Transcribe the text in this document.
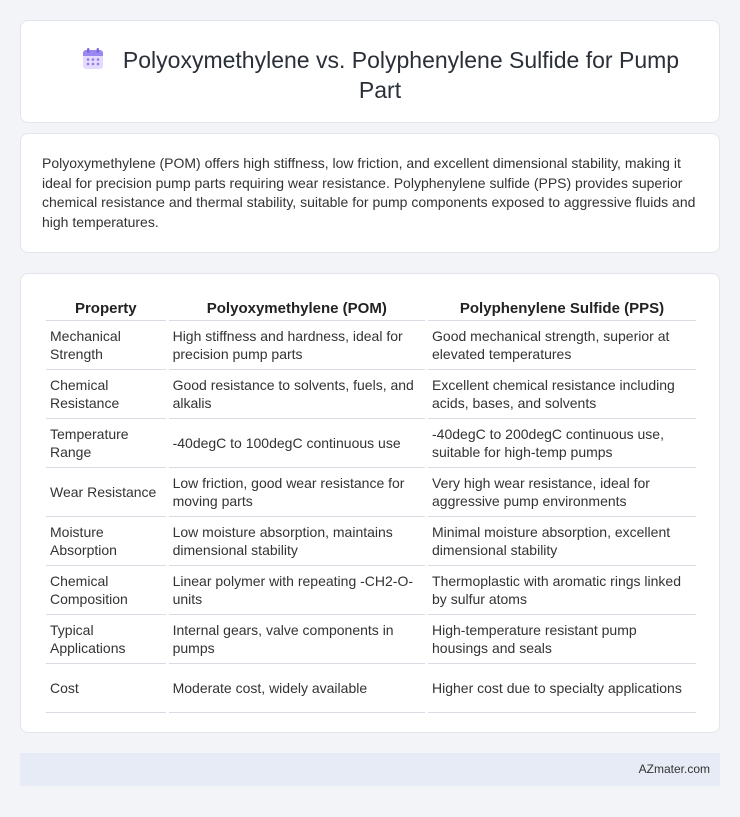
Polyoxymethylene vs. Polyphenylene Sulfide for Pump Part

Polyoxymethylene (POM) offers high stiffness, low friction, and excellent dimensional stability, making it ideal for precision pump parts requiring wear resistance. Polyphenylene sulfide (PPS) provides superior chemical resistance and thermal stability, suitable for pump components exposed to aggressive fluids and high temperatures.

Property	Polyoxymethylene (POM)	Polyphenylene Sulfide (PPS)
Mechanical Strength	High stiffness and hardness, ideal for precision pump parts	Good mechanical strength, superior at elevated temperatures
Chemical Resistance	Good resistance to solvents, fuels, and alkalis	Excellent chemical resistance including acids, bases, and solvents
Temperature Range	-40degC to 100degC continuous use	-40degC to 200degC continuous use, suitable for high-temp pumps
Wear Resistance	Low friction, good wear resistance for moving parts	Very high wear resistance, ideal for aggressive pump environments
Moisture Absorption	Low moisture absorption, maintains dimensional stability	Minimal moisture absorption, excellent dimensional stability
Chemical Composition	Linear polymer with repeating -CH2-O- units	Thermoplastic with aromatic rings linked by sulfur atoms
Typical Applications	Internal gears, valve components in pumps	High-temperature resistant pump housings and seals
Cost	Moderate cost, widely available	Higher cost due to specialty applications
AZmater.com
